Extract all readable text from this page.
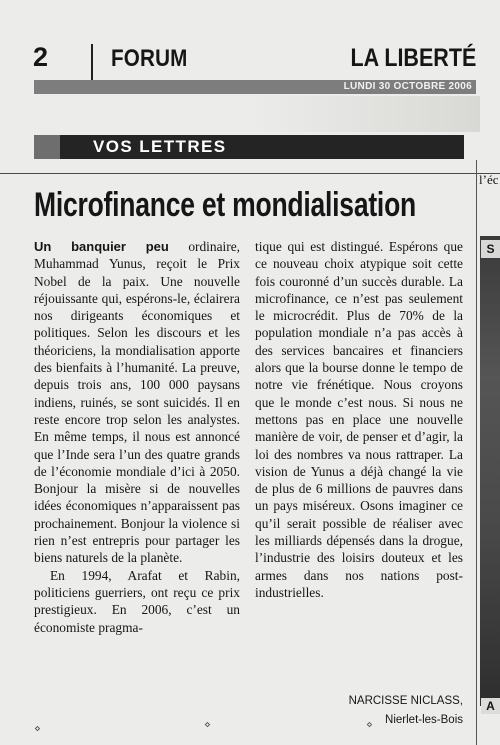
2	FORUM	LA LIBERTÉ
LUNDI 30 OCTOBRE 2006
VOS LETTRES
Microfinance et mondialisation

Un banquier peu ordinaire, Muhammad Yunus, reçoit le Prix Nobel de la paix. Une nouvelle réjouissante qui, espérons-le, éclairera nos dirigeants économiques et politiques. Selon les discours et les théoriciens, la mondialisation apporte des bienfaits à l’humanité. La preuve, depuis trois ans, 100 000 paysans indiens, ruinés, se sont suicidés. Il en reste encore trop selon les analystes. En même temps, il nous est annoncé que l’Inde sera l’un des quatre grands de l’économie mondiale d’ici à 2050. Bonjour la misère si de nouvelles idées économiques n’apparaissent pas prochainement. Bonjour la violence si rien n’est entrepris pour partager les biens naturels de la planète.

En 1994, Arafat et Rabin, politiciens guerriers, ont reçu ce prix prestigieux. En 2006, c’est un économiste pragma-

tique qui est distingué. Espérons que ce nouveau choix atypique soit cette fois couronné d’un succès durable. La microfinance, ce n’est pas seulement le microcrédit. Plus de 70% de la population mondiale n’a pas accès à des services bancaires et financiers alors que la bourse donne le tempo de notre vie frénétique. Nous croyons que le monde c’est nous. Si nous ne mettons pas en place une nouvelle manière de voir, de penser et d’agir, la loi des nombres va nous rattraper. La vision de Yunus a déjà changé la vie de plus de 6 millions de pauvres dans un pays miséreux. Osons imaginer ce qu’il serait possible de réaliser avec les milliards dépensés dans la drogue, l’industrie des loisirs douteux et les armes dans nos nations post-industrielles.

NARCISSE NICLASS,
Nierlet-les-Bois
l’éc
S
A
⋄	⋄	⋄
